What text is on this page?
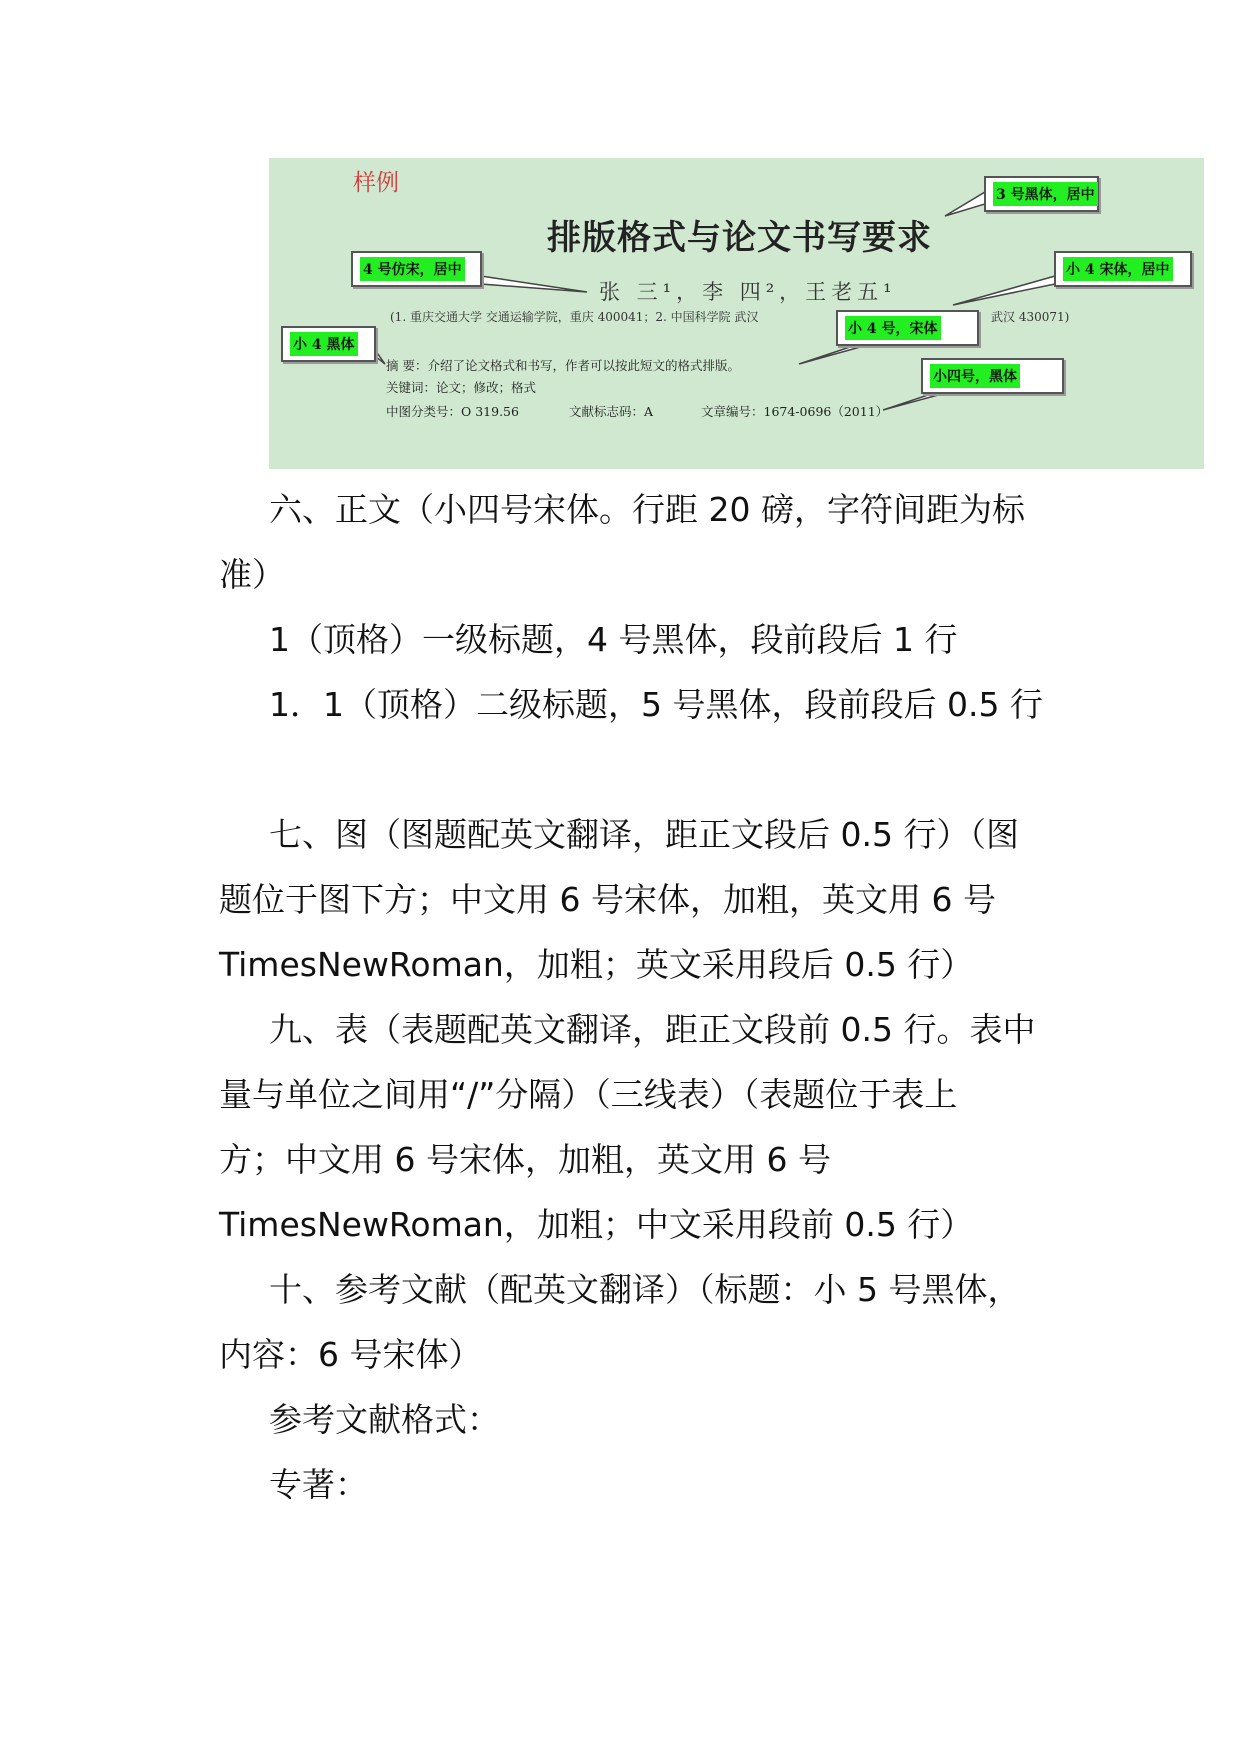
样例
排版格式与论文书写要求
张 三¹，李 四²，王老五¹
(1. 重庆交通大学 交通运输学院，重庆 400041；2. 中国科学院 武汉	武汉 430071)
摘 要：介绍了论文格式和书写，作者可以按此短文的格式排版。
关键词：论文；修改；格式
中图分类号：O 319.56	文献标志码：A	文章编号：1674-0696（2011）
3 号黑体，居中
4 号仿宋，居中	小 4 宋体，居中
小 4 号，宋体
小 4 黑体
小四号，黑体
六、正文（小四号宋体。行距 20 磅，字符间距为标
准）
1（顶格）一级标题，4 号黑体，段前段后 1 行
1．1（顶格）二级标题，5 号黑体，段前段后 0.5 行
七、图（图题配英文翻译，距正文段后 0.5 行）（图
题位于图下方；中文用 6 号宋体，加粗，英文用 6 号
TimesNewRoman，加粗；英文采用段后 0.5 行）
九、表（表题配英文翻译，距正文段前 0.5 行。表中
量与单位之间用“/”分隔）（三线表）（表题位于表上
方；中文用 6 号宋体，加粗，英文用 6 号
TimesNewRoman，加粗；中文采用段前 0.5 行）
十、参考文献（配英文翻译）（标题：小 5 号黑体，
内容：6 号宋体）
参考文献格式：
专著：
